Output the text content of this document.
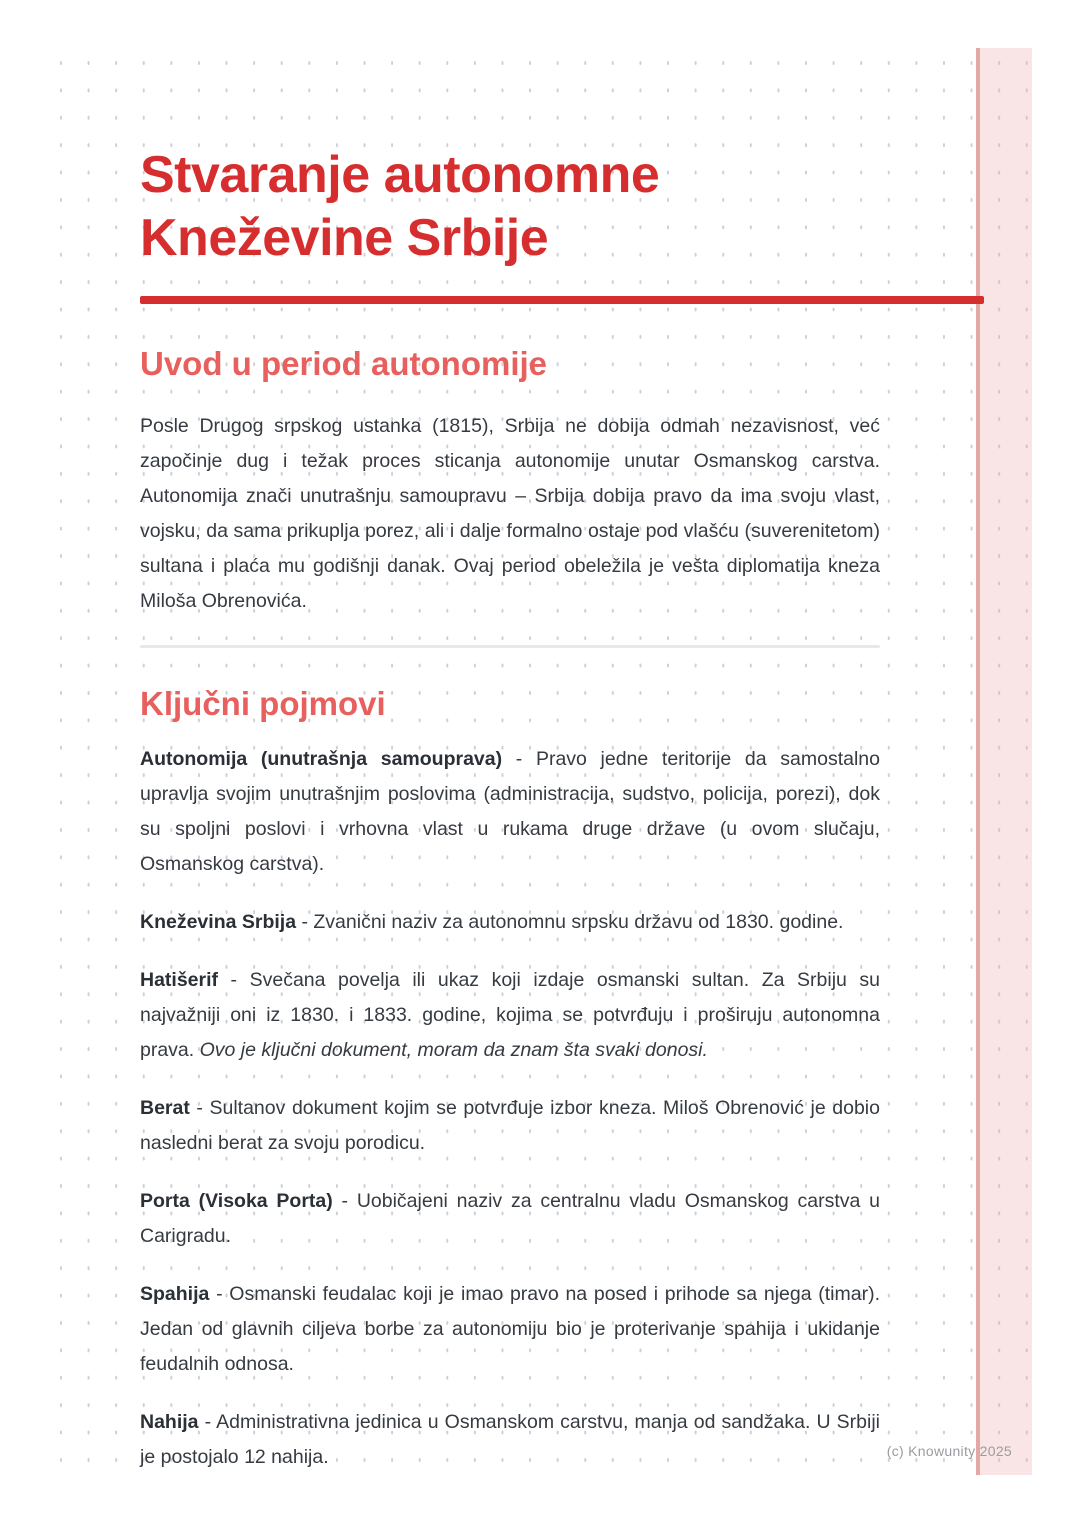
Stvaranje autonomne
Kneževine Srbije
Uvod u period autonomije

Posle Drugog srpskog ustanka (1815), Srbija ne dobija odmah nezavisnost, već započinje dug i težak proces sticanja autonomije unutar Osmanskog carstva. Autonomija znači unutrašnju samoupravu – Srbija dobija pravo da ima svoju vlast, vojsku, da sama prikuplja porez, ali i dalje formalno ostaje pod vlašću (suverenitetom) sultana i plaća mu godišnji danak. Ovaj period obeležila je vešta diplomatija kneza Miloša Obrenovića.

Ključni pojmovi

Autonomija (unutrašnja samouprava) - Pravo jedne teritorije da samostalno upravlja svojim unutrašnjim poslovima (administracija, sudstvo, policija, porezi), dok su spoljni poslovi i vrhovna vlast u rukama druge države (u ovom slučaju, Osmanskog carstva).

Kneževina Srbija - Zvanični naziv za autonomnu srpsku državu od 1830. godine.

Hatišerif - Svečana povelja ili ukaz koji izdaje osmanski sultan. Za Srbiju su najvažniji oni iz 1830. i 1833. godine, kojima se potvrđuju i proširuju autonomna prava. Ovo je ključni dokument, moram da znam šta svaki donosi.

Berat - Sultanov dokument kojim se potvrđuje izbor kneza. Miloš Obrenović je dobio nasledni berat za svoju porodicu.

Porta (Visoka Porta) - Uobičajeni naziv za centralnu vladu Osmanskog carstva u Carigradu.

Spahija - Osmanski feudalac koji je imao pravo na posed i prihode sa njega (timar). Jedan od glavnih ciljeva borbe za autonomiju bio je proterivanje spahija i ukidanje feudalnih odnosa.

Nahija - Administrativna jedinica u Osmanskom carstvu, manja od sandžaka. U Srbiji je postojalo 12 nahija.	(c) Knowunity 2025
